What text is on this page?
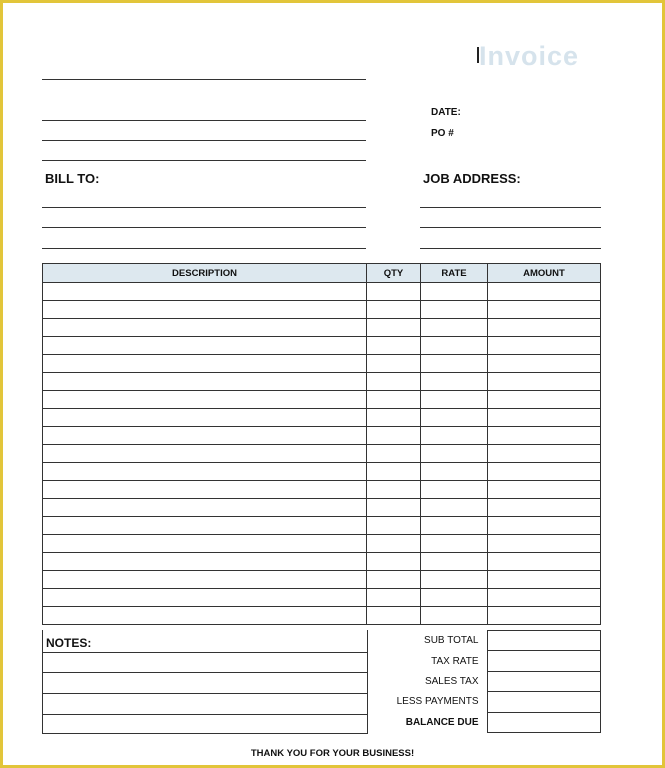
Invoice
DATE:
PO #
BILL TO:	JOB ADDRESS:
DESCRIPTION	QTY	RATE	AMOUNT

NOTES:	SUB TOTAL	
TAX RATE	
SALES TAX	
LESS PAYMENTS	
BALANCE DUE	
THANK YOU FOR YOUR BUSINESS!
